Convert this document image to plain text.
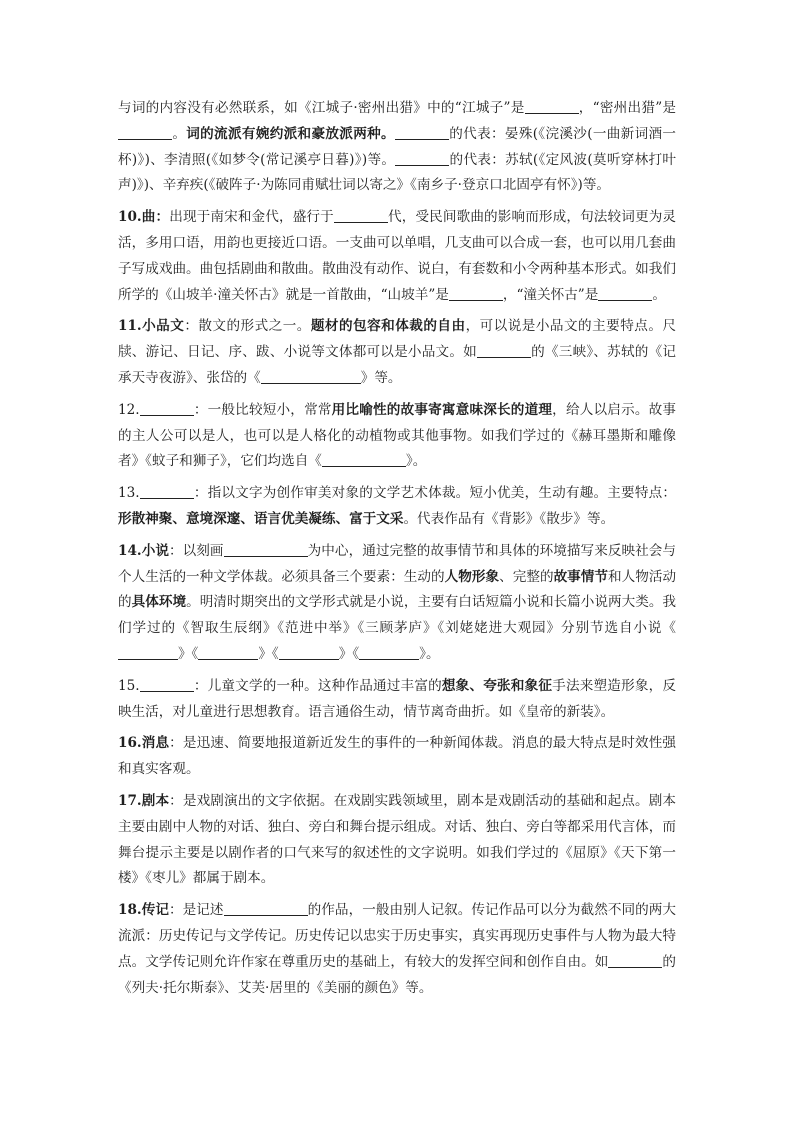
与词的内容没有必然联系，如《江城子·密州出猎》中的“江城子”是	，“密州出猎”是。词的流派有婉约派和豪放派两种。	的代表：晏殊(《浣溪沙(一曲新词酒一杯)》)、李清照(《如梦令(常记溪亭日暮)》)等。	的代表：苏轼(《定风波(莫听穿林打叶声)》)、辛弃疾(《破阵子·为陈同甫赋壮词以寄之》《南乡子·登京口北固亭有怀》)等。

10.曲：出现于南宋和金代，盛行于	代，受民间歌曲的影响而形成，句法较词更为灵活，多用口语，用韵也更接近口语。一支曲可以单唱，几支曲可以合成一套，也可以用几套曲子写成戏曲。曲包括剧曲和散曲。散曲没有动作、说白，有套数和小令两种基本形式。如我们所学的《山坡羊·潼关怀古》就是一首散曲，“山坡羊”是	，“潼关怀古”是	。

11.小品文：散文的形式之一。题材的包容和体裁的自由，可以说是小品文的主要特点。尺牍、游记、日记、序、跋、小说等文体都可以是小品文。如	的《三峡》、苏轼的《记承天寺夜游》、张岱的《	》等。

12.	：一般比较短小，常常用比喻性的故事寄寓意味深长的道理，给人以启示。故事的主人公可以是人，也可以是人格化的动植物或其他事物。如我们学过的《赫耳墨斯和雕像者》《蚊子和狮子》，它们均选自《	》。

13.	：指以文字为创作审美对象的文学艺术体裁。短小优美，生动有趣。主要特点：形散神聚、意境深邃、语言优美凝练、富于文采。代表作品有《背影》《散步》等。

14.小说：以刻画	为中心，通过完整的故事情节和具体的环境描写来反映社会与个人生活的一种文学体裁。必须具备三个要素：生动的人物形象、完整的故事情节和人物活动的具体环境。明清时期突出的文学形式就是小说，主要有白话短篇小说和长篇小说两大类。我们学过的《智取生辰纲》《范进中举》《三顾茅庐》《刘姥姥进大观园》分别节选自小说《》《	》《	》《	》。

15.	：儿童文学的一种。这种作品通过丰富的想象、夸张和象征手法来塑造形象，反映生活，对儿童进行思想教育。语言通俗生动，情节离奇曲折。如《皇帝的新装》。

16.消息：是迅速、简要地报道新近发生的事件的一种新闻体裁。消息的最大特点是时效性强和真实客观。

17.剧本：是戏剧演出的文字依据。在戏剧实践领域里，剧本是戏剧活动的基础和起点。剧本主要由剧中人物的对话、独白、旁白和舞台提示组成。对话、独白、旁白等都采用代言体，而舞台提示主要是以剧作者的口气来写的叙述性的文字说明。如我们学过的《屈原》《天下第一楼》《枣儿》都属于剧本。

18.传记：是记述	的作品，一般由别人记叙。传记作品可以分为截然不同的两大流派：历史传记与文学传记。历史传记以忠实于历史事实，真实再现历史事件与人物为最大特点。文学传记则允许作家在尊重历史的基础上，有较大的发挥空间和创作自由。如	的《列夫·托尔斯泰》、艾芙·居里的《美丽的颜色》等。
